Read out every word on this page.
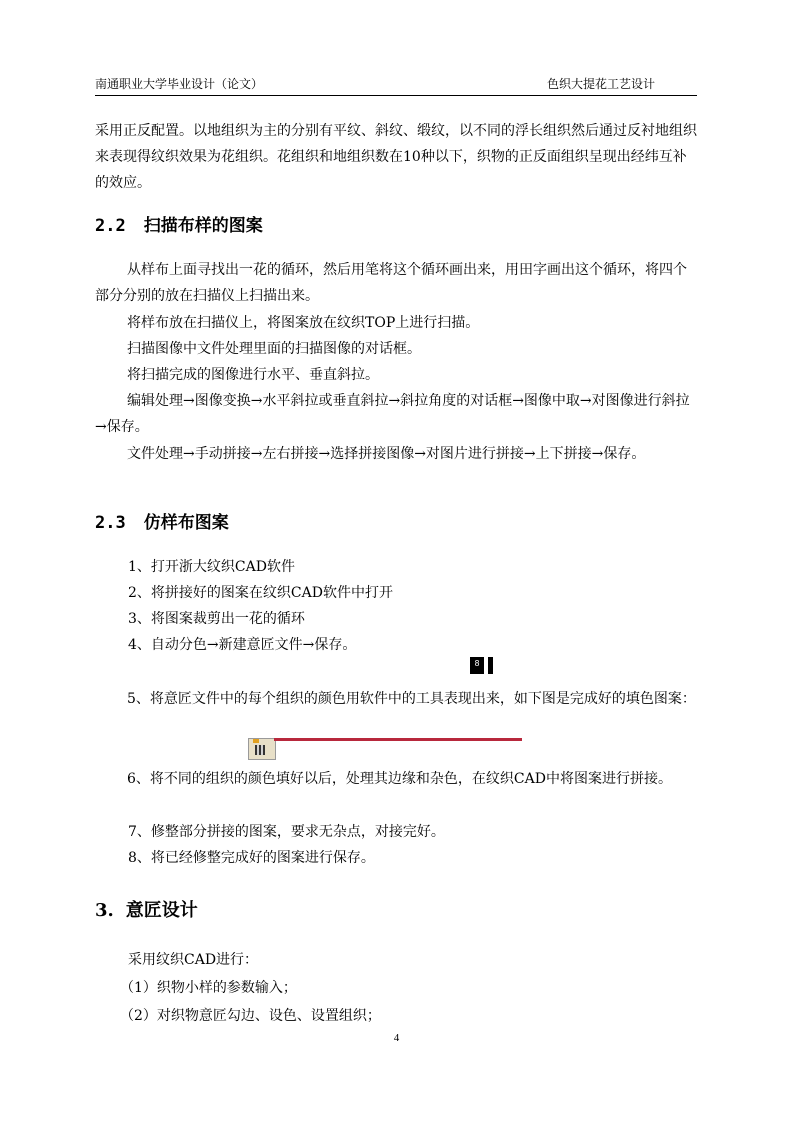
南通职业大学毕业设计（论文）	色织大提花工艺设计

采用正反配置。以地组织为主的分别有平纹、斜纹、缎纹，以不同的浮长组织然后通过反衬地组织来表现得纹织效果为花组织。花组织和地组织数在10种以下，织物的正反面组织呈现出经纬互补的效应。

2.2 扫描布样的图案

从样布上面寻找出一花的循环，然后用笔将这个循环画出来，用田字画出这个循环，将四个部分分别的放在扫描仪上扫描出来。

将样布放在扫描仪上，将图案放在纹织TOP上进行扫描。

扫描图像中文件处理里面的扫描图像的对话框。

将扫描完成的图像进行水平、垂直斜拉。

编辑处理→图像变换→水平斜拉或垂直斜拉→斜拉角度的对话框→图像中取→对图像进行斜拉→保存。

文件处理→手动拼接→左右拼接→选择拼接图像→对图片进行拼接→上下拼接→保存。

2.3 仿样布图案

1、打开浙大纹织CAD软件

2、将拼接好的图案在纹织CAD软件中打开

3、将图案裁剪出一花的循环

4、自动分色→新建意匠文件→保存。

8

5、将意匠文件中的每个组织的颜色用软件中的工具表现出来，如下图是完成好的填色图案：

6、将不同的组织的颜色填好以后，处理其边缘和杂色，在纹织CAD中将图案进行拼接。

7、修整部分拼接的图案，要求无杂点，对接完好。

8、将已经修整完成好的图案进行保存。

3. 意匠设计

采用纹织CAD进行：

（1）织物小样的参数输入；

（2）对织物意匠勾边、设色、设置组织；

4
